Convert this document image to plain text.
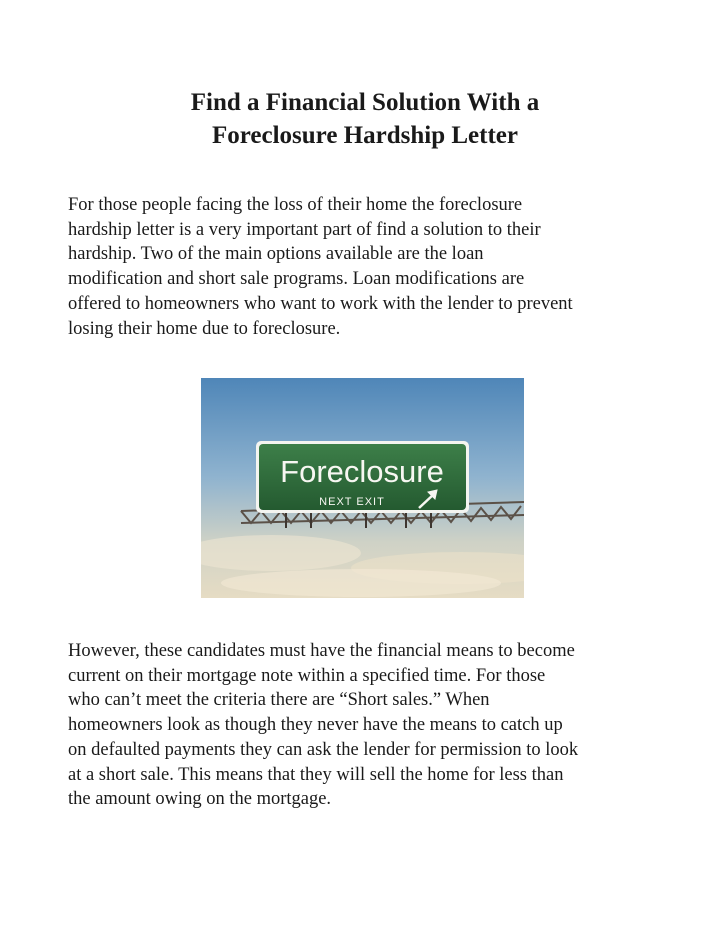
Find a Financial Solution With a
Foreclosure Hardship Letter

For those people facing the loss of their home the foreclosure
hardship letter is a very important part of find a solution to their
hardship. Two of the main options available are the loan
modification and short sale programs. Loan modifications are
offered to homeowners who want to work with the lender to prevent
losing their home due to foreclosure.

Foreclosure
NEXT EXIT

However, these candidates must have the financial means to become
current on their mortgage note within a specified time. For those
who can’t meet the criteria there are “Short sales.” When
homeowners look as though they never have the means to catch up
on defaulted payments they can ask the lender for permission to look
at a short sale. This means that they will sell the home for less than
the amount owing on the mortgage.
